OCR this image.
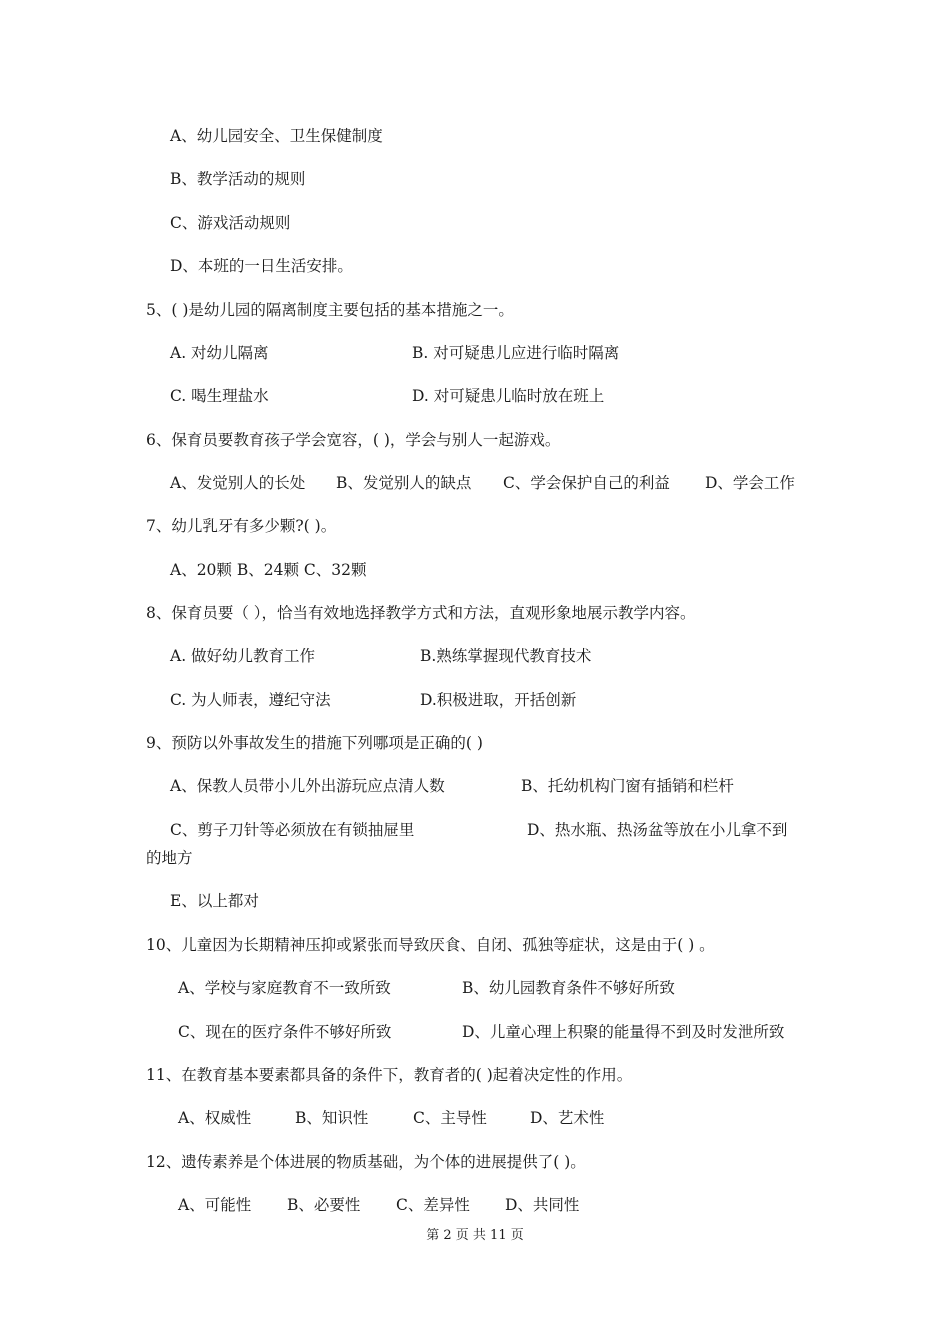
A、幼儿园安全、卫生保健制度
B、教学活动的规则
C、游戏活动规则
D、本班的一日生活安排。
5、( )是幼儿园的隔离制度主要包括的基本措施之一。
A. 对幼儿隔离	B. 对可疑患儿应进行临时隔离
C. 喝生理盐水	D. 对可疑患儿临时放在班上
6、保育员要教育孩子学会宽容，( )，学会与别人一起游戏。
A、发觉别人的长处 B、发觉别人的缺点 C、学会保护自己的利益 D、学会工作
7、幼儿乳牙有多少颗?( )。
A、20颗 B、24颗 C、32颗
8、保育员要（ ），恰当有效地选择教学方式和方法，直观形象地展示教学内容。
A. 做好幼儿教育工作	B.熟练掌握现代教育技术
C. 为人师表，遵纪守法	D.积极进取，开括创新
9、预防以外事故发生的措施下列哪项是正确的( )
A、保教人员带小儿外出游玩应点清人数	B、托幼机构门窗有插销和栏杆
C、剪子刀针等必须放在有锁抽屉里	D、热水瓶、热汤盆等放在小儿拿不到
的地方
E、以上都对
10、儿童因为长期精神压抑或紧张而导致厌食、自闭、孤独等症状，这是由于( ) 。
A、学校与家庭教育不一致所致	B、幼儿园教育条件不够好所致
C、现在的医疗条件不够好所致	D、儿童心理上积聚的能量得不到及时发泄所致
11、在教育基本要素都具备的条件下，教育者的( )起着决定性的作用。
A、权威性	B、知识性	C、主导性	D、艺术性
12、遗传素养是个体进展的物质基础，为个体的进展提供了( )。
A、可能性 B、必要性 C、差异性 D、共同性
第 2 页 共 11 页
